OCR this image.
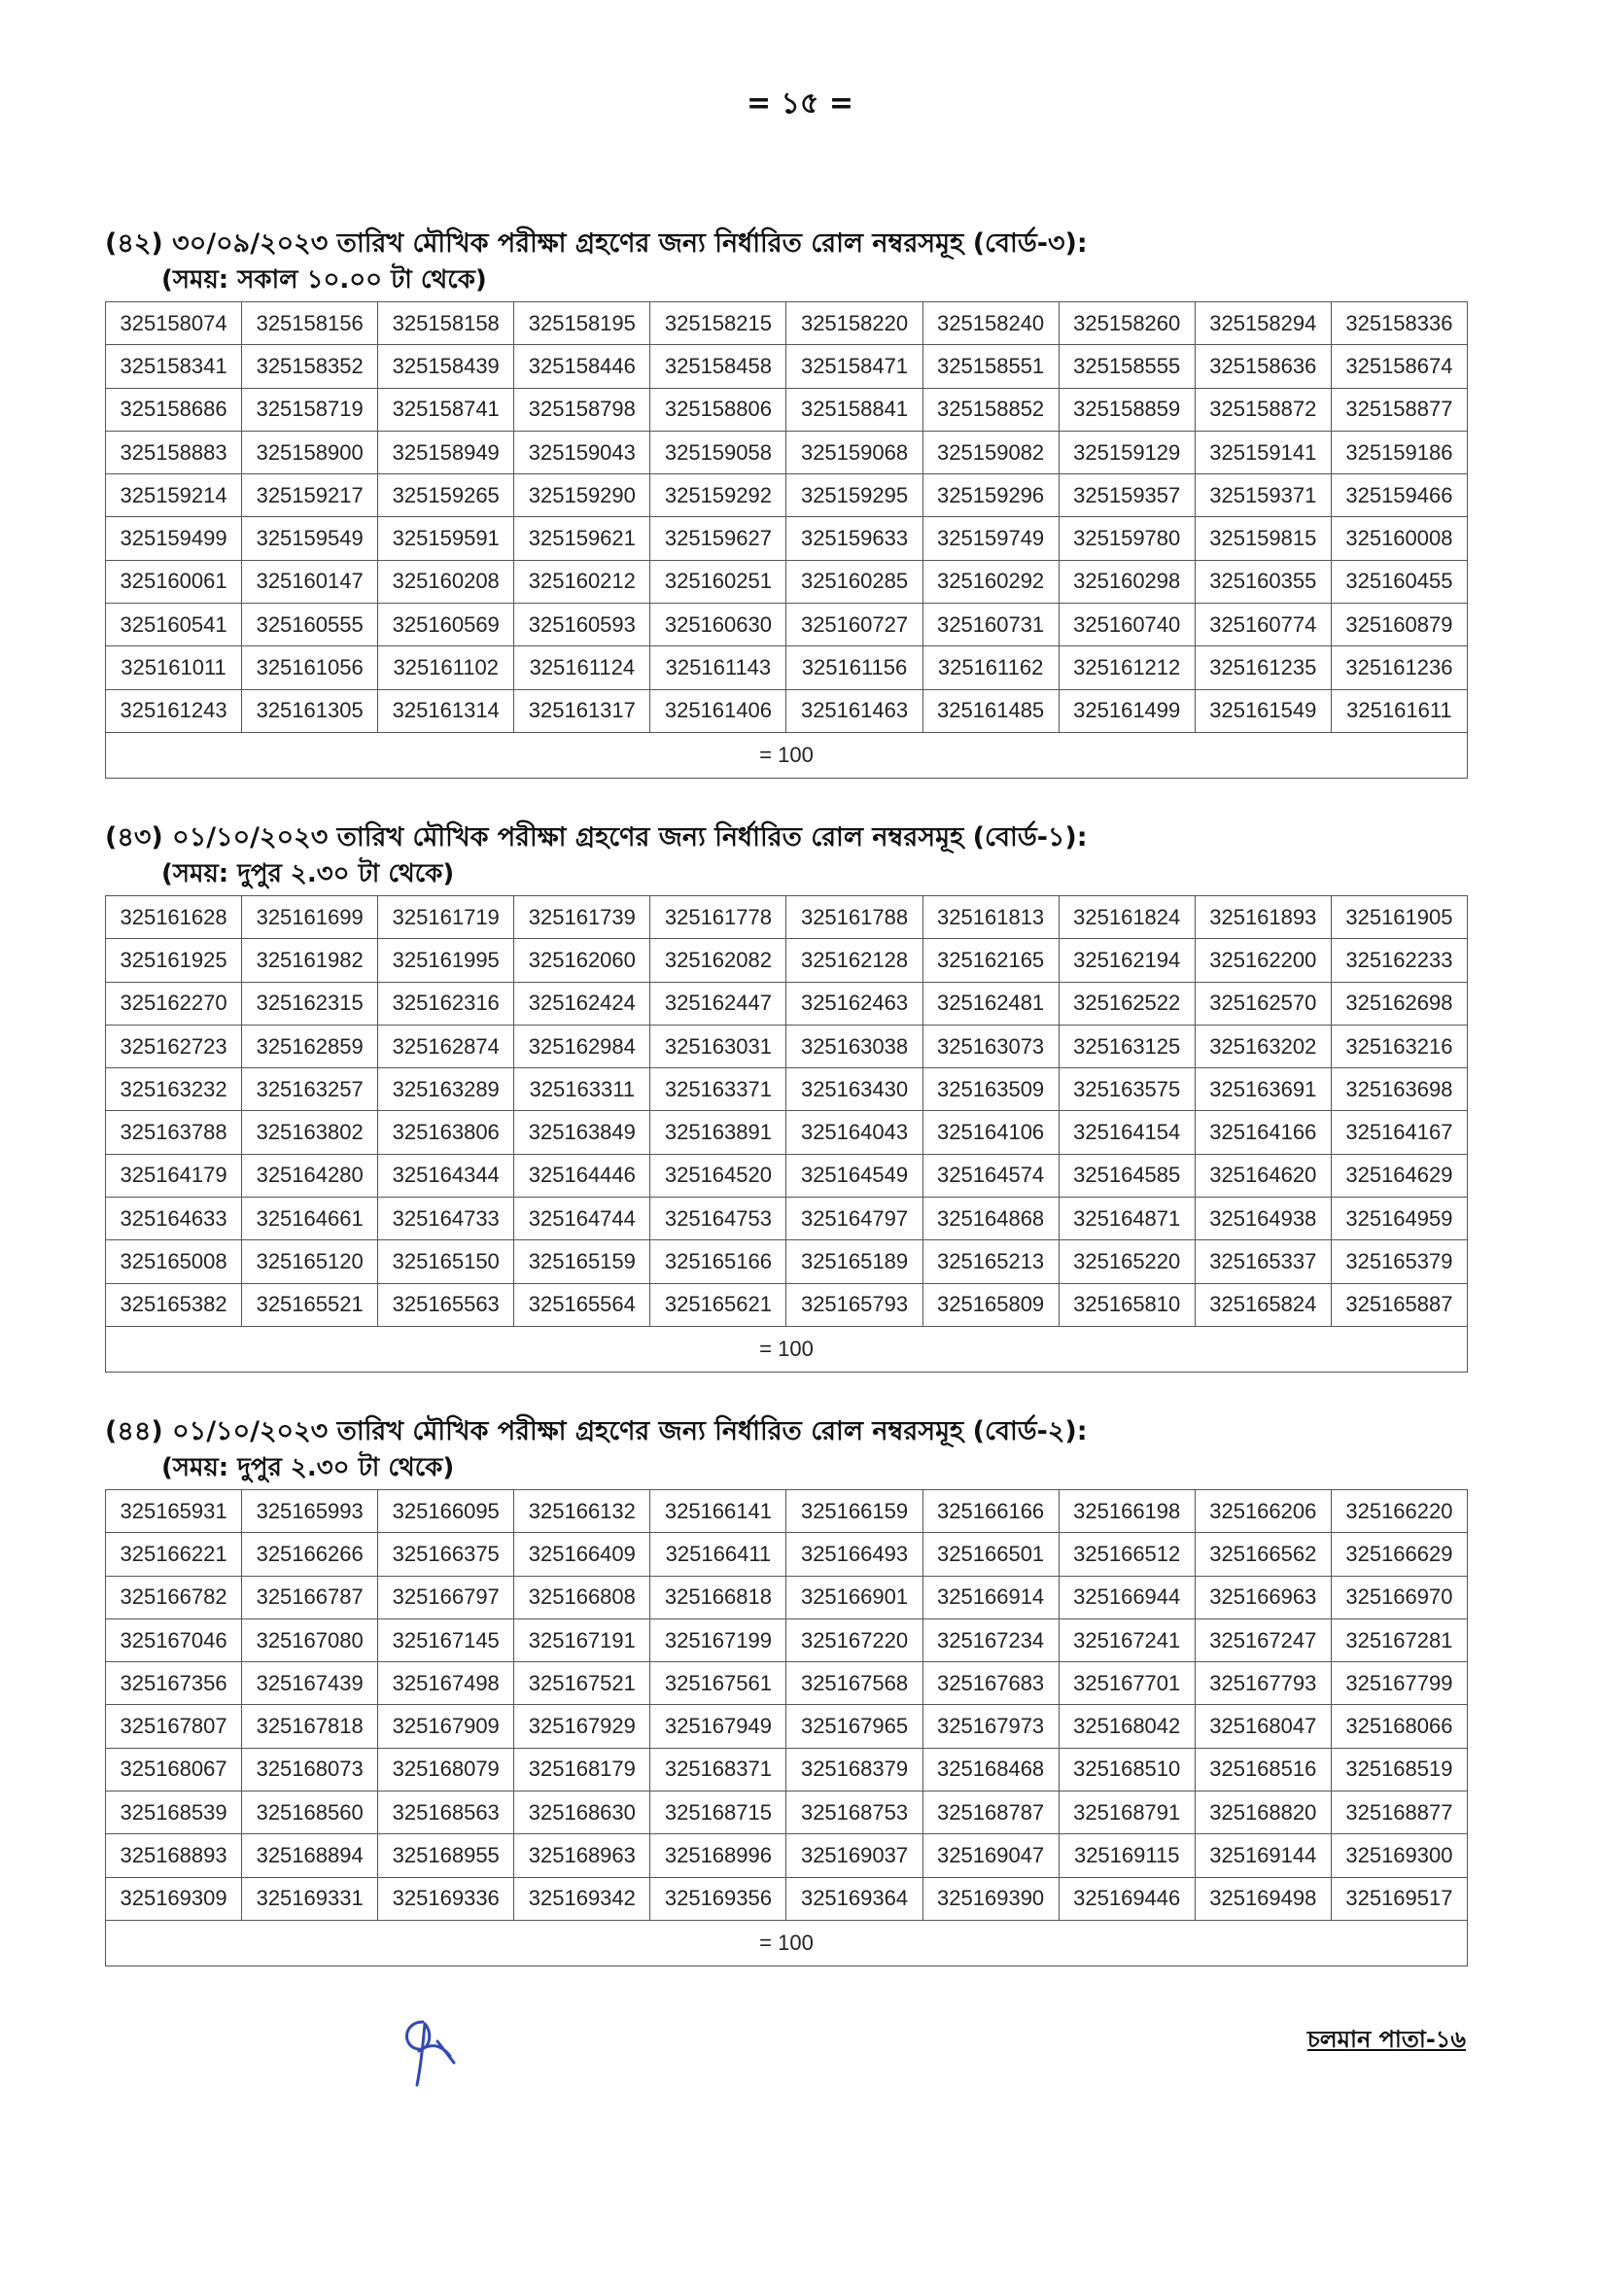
= ১৫ =

(৪২) ৩০/০৯/২০২৩ তারিখ মৌখিক পরীক্ষা গ্রহণের জন্য নির্ধারিত রোল নম্বরসমূহ (বোর্ড-৩):

(সময়: সকাল ১০.০০ টা থেকে)

325158074	325158156	325158158	325158195	325158215	325158220	325158240	325158260	325158294	325158336
325158341	325158352	325158439	325158446	325158458	325158471	325158551	325158555	325158636	325158674
325158686	325158719	325158741	325158798	325158806	325158841	325158852	325158859	325158872	325158877
325158883	325158900	325158949	325159043	325159058	325159068	325159082	325159129	325159141	325159186
325159214	325159217	325159265	325159290	325159292	325159295	325159296	325159357	325159371	325159466
325159499	325159549	325159591	325159621	325159627	325159633	325159749	325159780	325159815	325160008
325160061	325160147	325160208	325160212	325160251	325160285	325160292	325160298	325160355	325160455
325160541	325160555	325160569	325160593	325160630	325160727	325160731	325160740	325160774	325160879
325161011	325161056	325161102	325161124	325161143	325161156	325161162	325161212	325161235	325161236
325161243	325161305	325161314	325161317	325161406	325161463	325161485	325161499	325161549	325161611
= 100									

(৪৩) ০১/১০/২০২৩ তারিখ মৌখিক পরীক্ষা গ্রহণের জন্য নির্ধারিত রোল নম্বরসমূহ (বোর্ড-১):

(সময়: দুপুর ২.৩০ টা থেকে)

325161628	325161699	325161719	325161739	325161778	325161788	325161813	325161824	325161893	325161905
325161925	325161982	325161995	325162060	325162082	325162128	325162165	325162194	325162200	325162233
325162270	325162315	325162316	325162424	325162447	325162463	325162481	325162522	325162570	325162698
325162723	325162859	325162874	325162984	325163031	325163038	325163073	325163125	325163202	325163216
325163232	325163257	325163289	325163311	325163371	325163430	325163509	325163575	325163691	325163698
325163788	325163802	325163806	325163849	325163891	325164043	325164106	325164154	325164166	325164167
325164179	325164280	325164344	325164446	325164520	325164549	325164574	325164585	325164620	325164629
325164633	325164661	325164733	325164744	325164753	325164797	325164868	325164871	325164938	325164959
325165008	325165120	325165150	325165159	325165166	325165189	325165213	325165220	325165337	325165379
325165382	325165521	325165563	325165564	325165621	325165793	325165809	325165810	325165824	325165887
= 100									

(৪৪) ০১/১০/২০২৩ তারিখ মৌখিক পরীক্ষা গ্রহণের জন্য নির্ধারিত রোল নম্বরসমূহ (বোর্ড-২):

(সময়: দুপুর ২.৩০ টা থেকে)

325165931	325165993	325166095	325166132	325166141	325166159	325166166	325166198	325166206	325166220
325166221	325166266	325166375	325166409	325166411	325166493	325166501	325166512	325166562	325166629
325166782	325166787	325166797	325166808	325166818	325166901	325166914	325166944	325166963	325166970
325167046	325167080	325167145	325167191	325167199	325167220	325167234	325167241	325167247	325167281
325167356	325167439	325167498	325167521	325167561	325167568	325167683	325167701	325167793	325167799
325167807	325167818	325167909	325167929	325167949	325167965	325167973	325168042	325168047	325168066
325168067	325168073	325168079	325168179	325168371	325168379	325168468	325168510	325168516	325168519
325168539	325168560	325168563	325168630	325168715	325168753	325168787	325168791	325168820	325168877
325168893	325168894	325168955	325168963	325168996	325169037	325169047	325169115	325169144	325169300
325169309	325169331	325169336	325169342	325169356	325169364	325169390	325169446	325169498	325169517
= 100									
চলমান পাতা-১৬
